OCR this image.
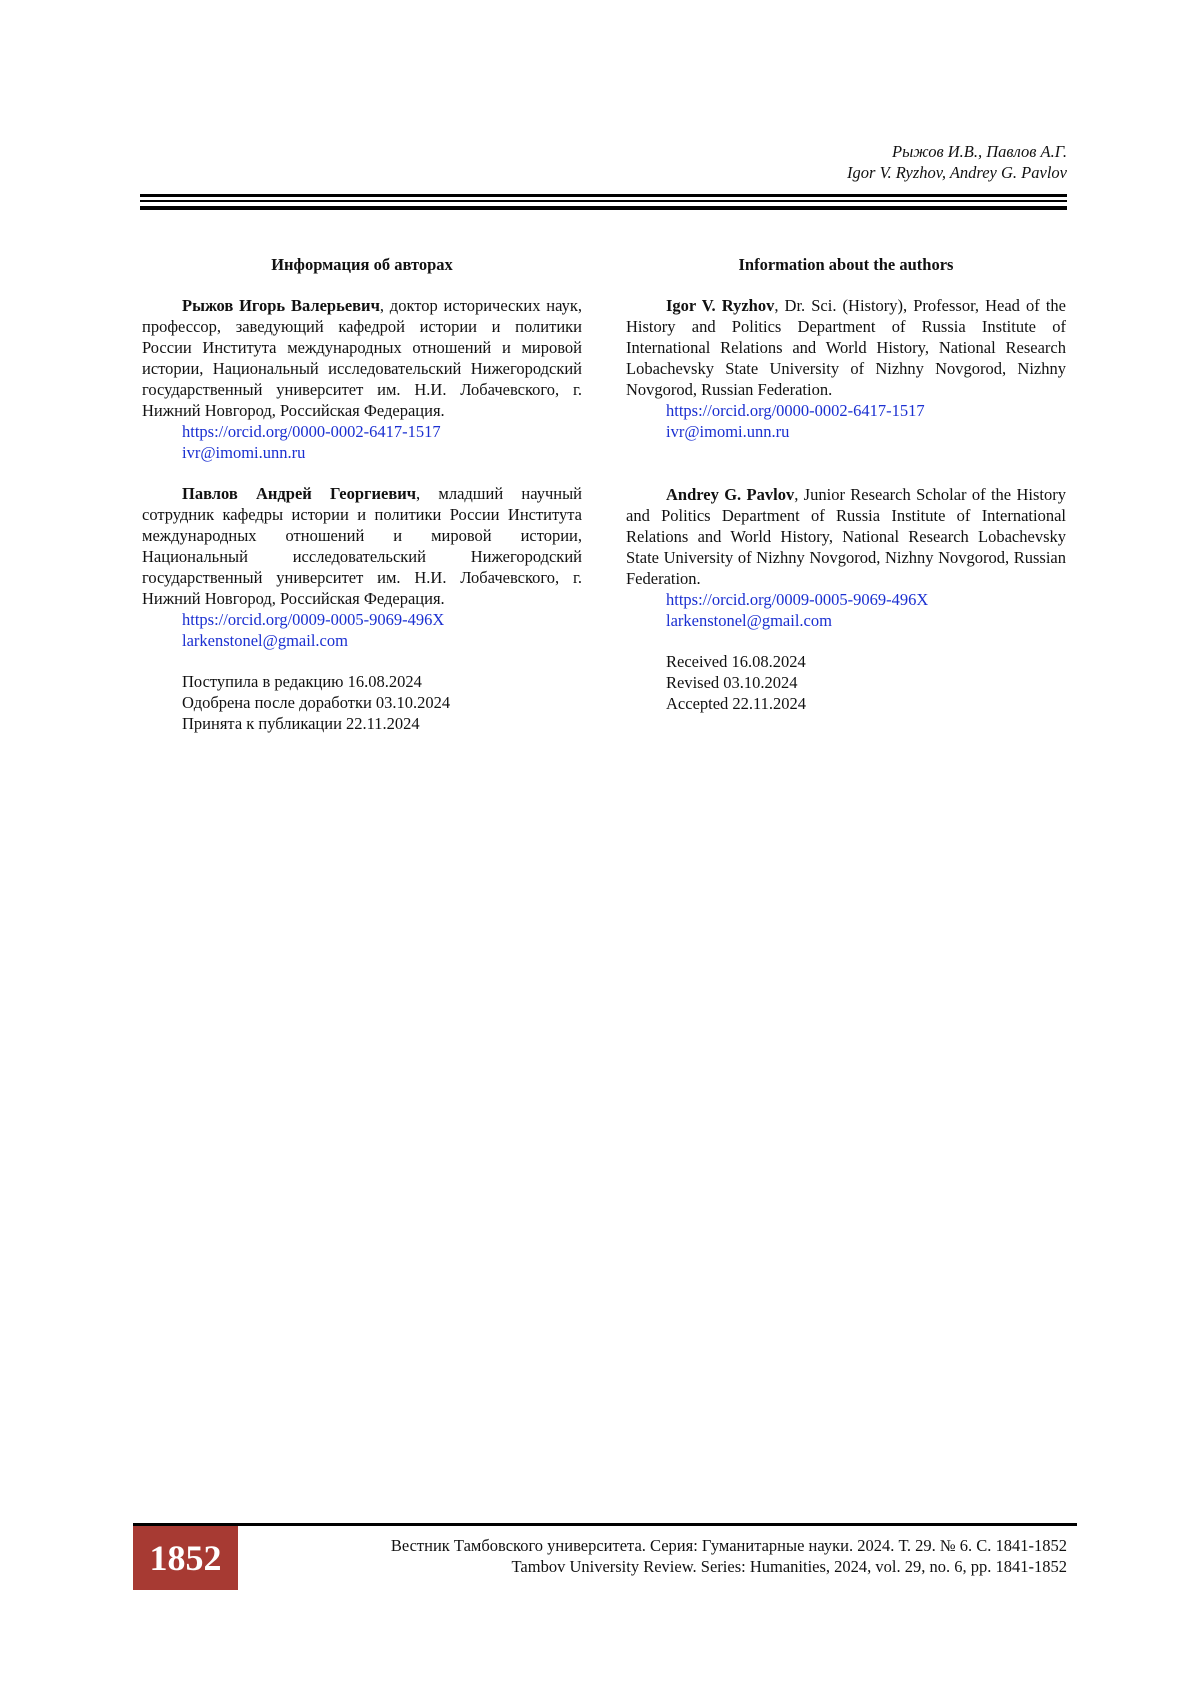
Рыжов И.В., Павлов А.Г.
Igor V. Ryzhov, Andrey G. Pavlov
Информация об авторах

Рыжов Игорь Валерьевич, доктор исторических наук, профессор, заведующий кафедрой истории и политики России Института международных отношений и мировой истории, Национальный исследовательский Нижегородский государственный университет им. Н.И. Лобачевского, г. Нижний Новгород, Российская Федерация.

https://orcid.org/0000-0002-6417-1517
ivr@imomi.unn.ru

Павлов Андрей Георгиевич, младший научный сотрудник кафедры истории и политики России Института международных отношений и мировой истории, Национальный исследовательский Нижегородский государственный университет им. Н.И. Лобачевского, г. Нижний Новгород, Российская Федерация.

https://orcid.org/0009-0005-9069-496X
larkenstonel@gmail.com
Поступила в редакцию 16.08.2024
Одобрена после доработки 03.10.2024
Принята к публикации 22.11.2024
Information about the authors

Igor V. Ryzhov, Dr. Sci. (History), Professor, Head of the History and Politics Department of Russia Institute of International Relations and World History, National Research Lobachevsky State University of Nizhny Novgorod, Nizhny Novgorod, Russian Federation.

https://orcid.org/0000-0002-6417-1517
ivr@imomi.unn.ru

Andrey G. Pavlov, Junior Research Scholar of the History and Politics Department of Russia Institute of International Relations and World History, National Research Lobachevsky State University of Nizhny Novgorod, Nizhny Novgorod, Russian Federation.

https://orcid.org/0009-0005-9069-496X
larkenstonel@gmail.com
Received 16.08.2024
Revised 03.10.2024
Accepted 22.11.2024
1852	Вестник Тамбовского университета. Серия: Гуманитарные науки. 2024. Т. 29. № 6. С. 1841-1852
Tambov University Review. Series: Humanities, 2024, vol. 29, no. 6, pp. 1841-1852
